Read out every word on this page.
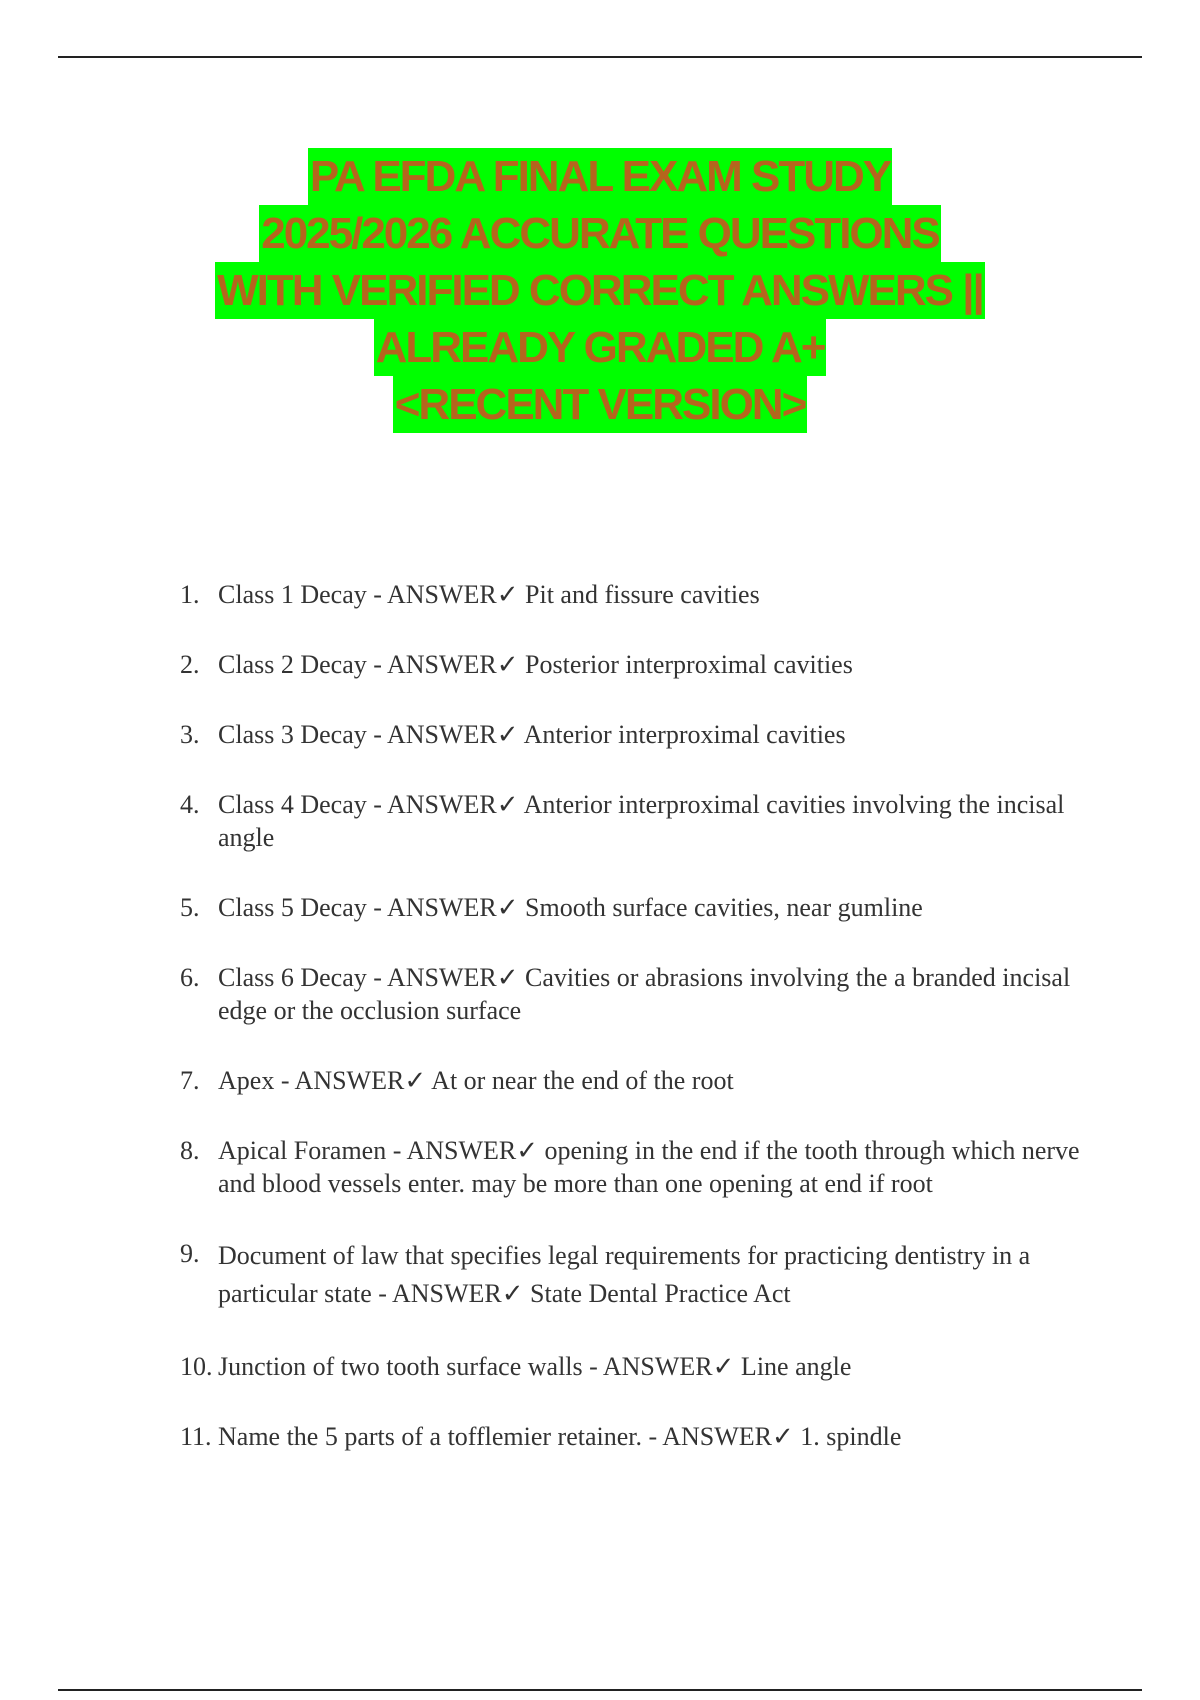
PA EFDA FINAL EXAM STUDY
2025/2026 ACCURATE QUESTIONS
WITH VERIFIED CORRECT ANSWERS ||
ALREADY GRADED A+
<RECENT VERSION>
1. Class 1 Decay - ANSWER✓ Pit and fissure cavities
2. Class 2 Decay - ANSWER✓ Posterior interproximal cavities
3. Class 3 Decay - ANSWER✓ Anterior interproximal cavities
4. Class 4 Decay - ANSWER✓ Anterior interproximal cavities involving the incisal angle
5. Class 5 Decay - ANSWER✓ Smooth surface cavities, near gumline
6. Class 6 Decay - ANSWER✓ Cavities or abrasions involving the a branded incisal edge or the occlusion surface
7. Apex - ANSWER✓ At or near the end of the root
8. Apical Foramen - ANSWER✓ opening in the end if the tooth through which nerve and blood vessels enter. may be more than one opening at end if root
9. Document of law that specifies legal requirements for practicing dentistry in a particular state - ANSWER✓ State Dental Practice Act
10. Junction of two tooth surface walls - ANSWER✓ Line angle
11. Name the 5 parts of a tofflemier retainer. - ANSWER✓ 1. spindle
